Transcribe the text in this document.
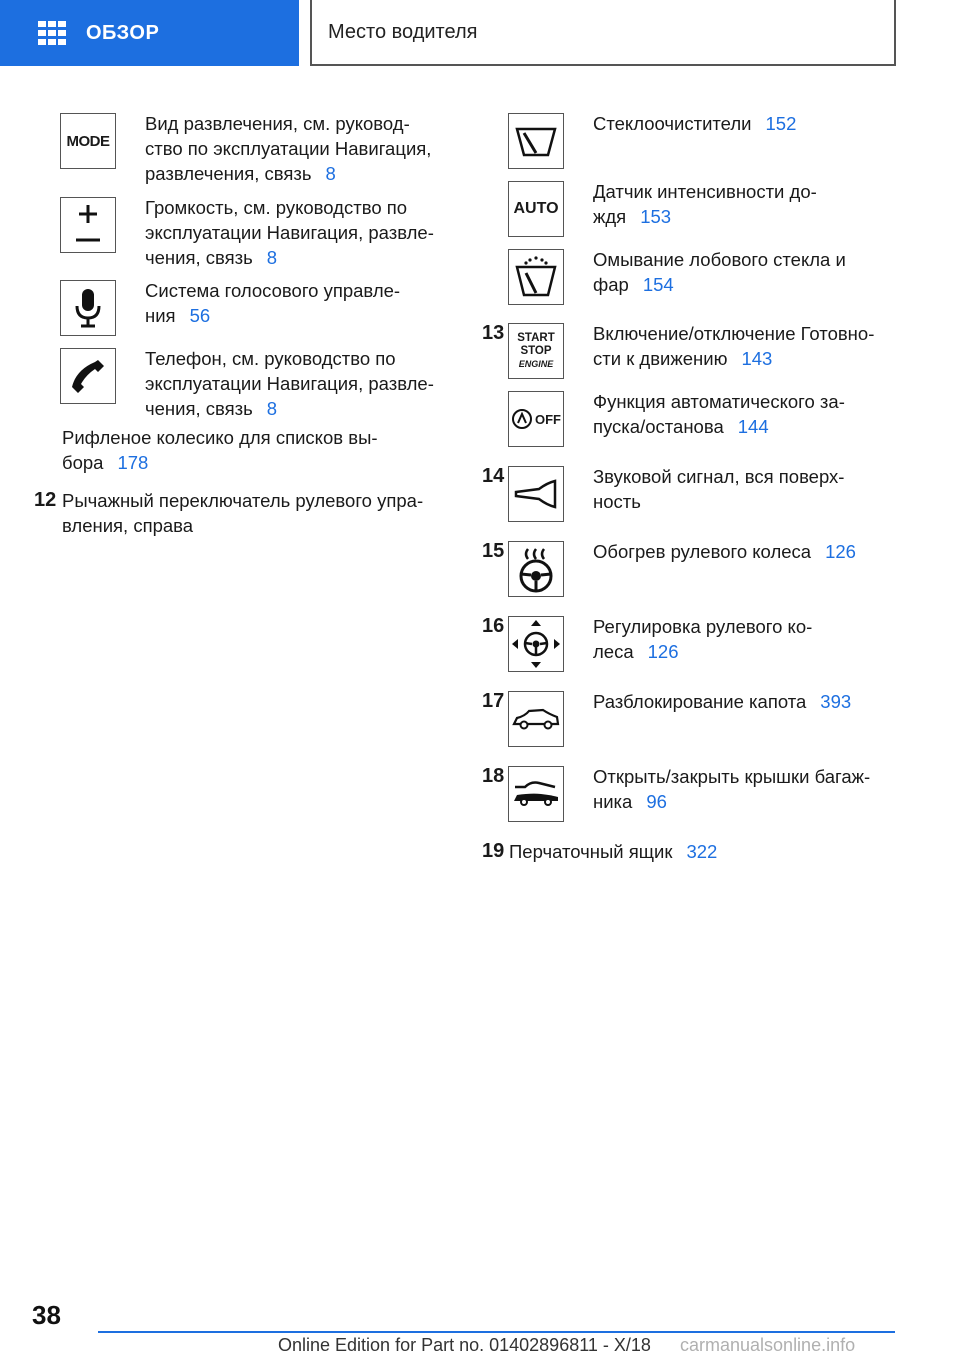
ОБЗОР	Место водителя
MODE
Вид развлечения, см. руковод-
ство по эксплуатации Навигация,
развлечения, связь 8
Громкость, см. руководство по
эксплуатации Навигация, развле-
чения, связь 8
Система голосового управле-
ния 56
Телефон, см. руководство по
эксплуатации Навигация, развле-
чения, связь 8
Рифленое колесико для списков вы-
бора 178
12 Рычажный переключатель рулевого упра-
вления, справа
Стеклоочистители 152
AUTO
Датчик интенсивности до-
ждя 153
Омывание лобового стекла и
фар 154
13	START
STOP
ENGINE
Включение/отключение Готовно-
сти к движению 143
OFF
Функция автоматического за-
пуска/останова 144
14	Звуковой сигнал, вся поверх-
ность
15	Обогрев рулевого колеса 126
16	Регулировка рулевого ко-
леса 126
17	Разблокирование капота 393
18	Открыть/закрыть крышки багаж-
ника 96
19 Перчаточный ящик 322
38
Online Edition for Part no. 01402896811 - X/18 carmanualsonline.info
